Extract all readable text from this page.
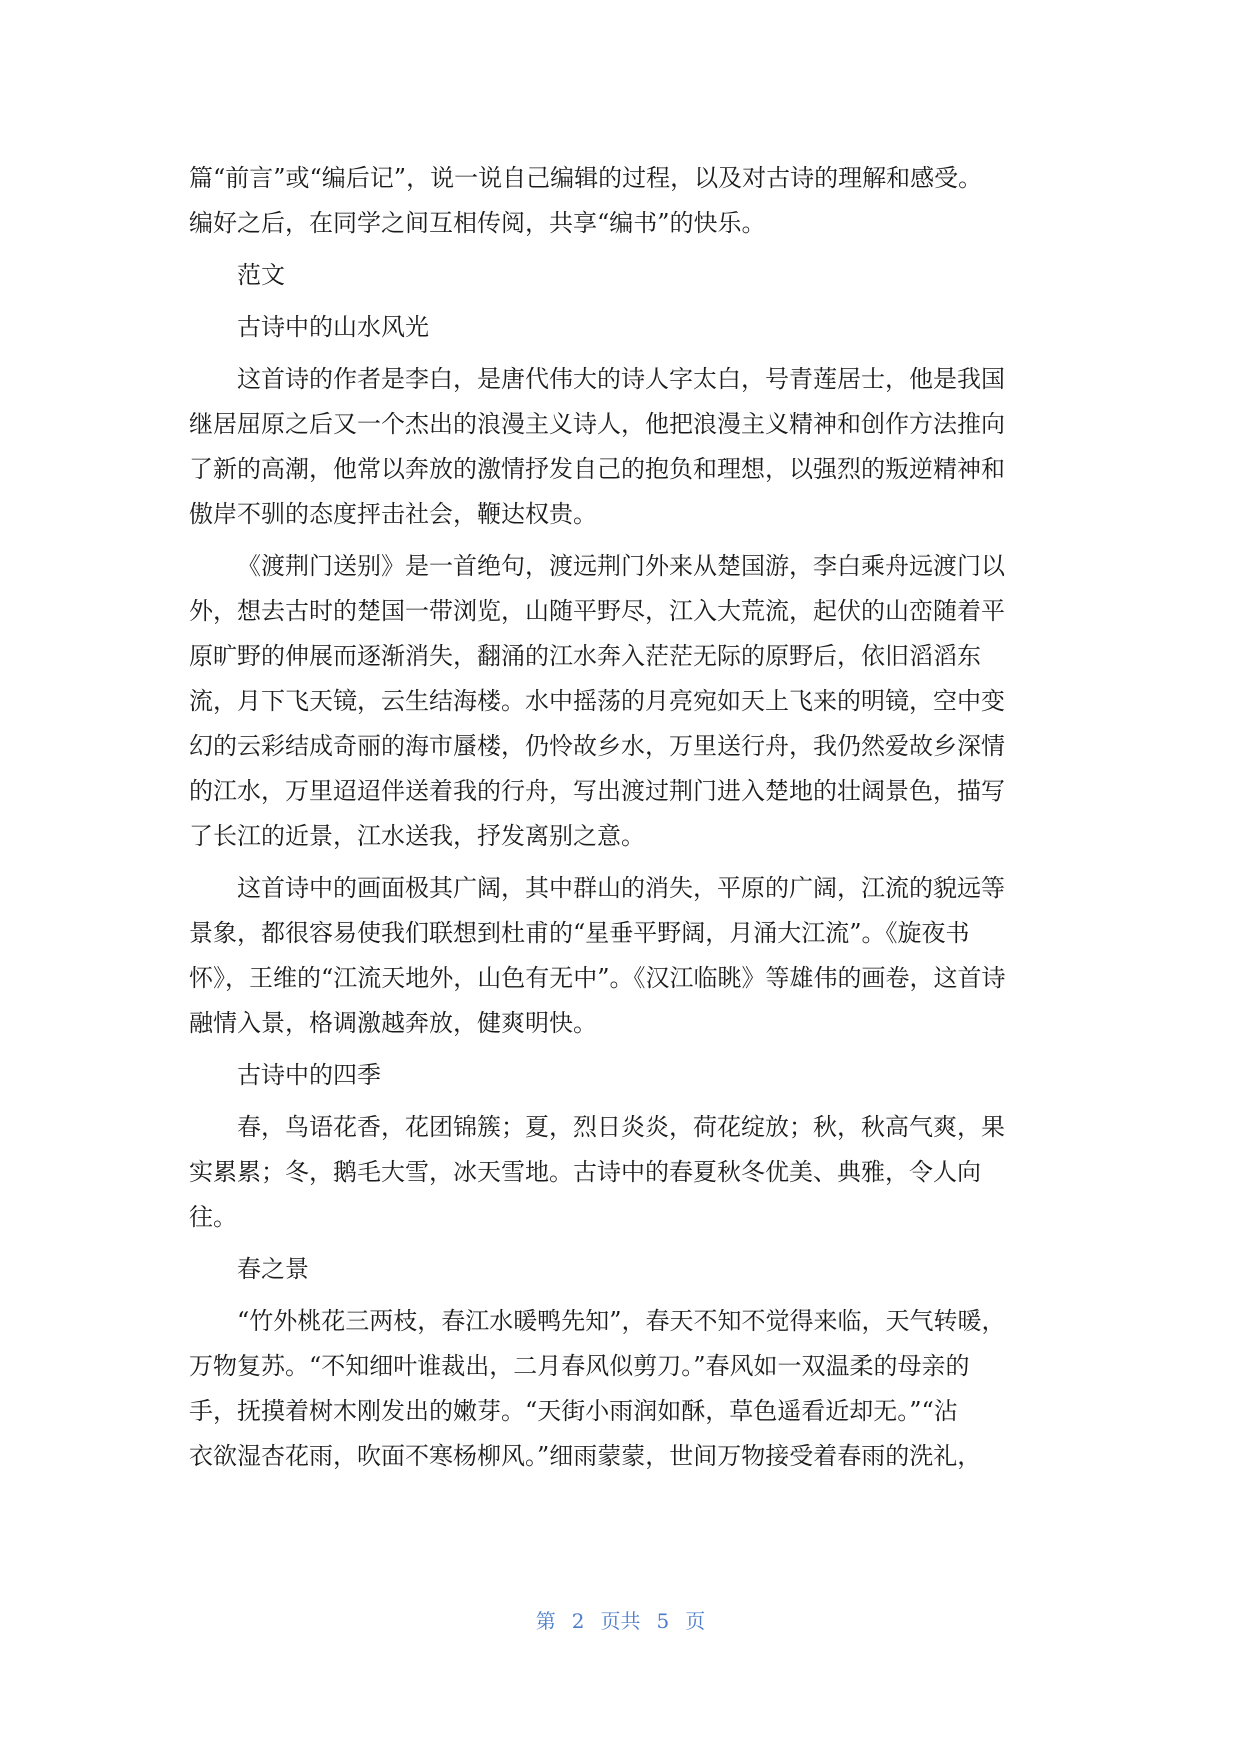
篇“前言”或“编后记”，说一说自己编辑的过程，以及对古诗的理解和感受。
编好之后，在同学之间互相传阅，共享“编书”的快乐。
范文
古诗中的山水风光
这首诗的作者是李白，是唐代伟大的诗人字太白，号青莲居士，他是我国
继居屈原之后又一个杰出的浪漫主义诗人，他把浪漫主义精神和创作方法推向
了新的高潮，他常以奔放的激情抒发自己的抱负和理想，以强烈的叛逆精神和
傲岸不驯的态度抨击社会，鞭达权贵。
《渡荆门送别》是一首绝句，渡远荆门外来从楚国游，李白乘舟远渡门以
外，想去古时的楚国一带浏览，山随平野尽，江入大荒流，起伏的山峦随着平
原旷野的伸展而逐渐消失，翻涌的江水奔入茫茫无际的原野后，依旧滔滔东
流，月下飞天镜，云生结海楼。水中摇荡的月亮宛如天上飞来的明镜，空中变
幻的云彩结成奇丽的海市蜃楼，仍怜故乡水，万里送行舟，我仍然爱故乡深情
的江水，万里迢迢伴送着我的行舟，写出渡过荆门进入楚地的壮阔景色，描写
了长江的近景，江水送我，抒发离别之意。
这首诗中的画面极其广阔，其中群山的消失，平原的广阔，江流的貌远等
景象，都很容易使我们联想到杜甫的“星垂平野阔，月涌大江流”。《旋夜书
怀》，王维的“江流天地外，山色有无中”。《汉江临眺》等雄伟的画卷，这首诗
融情入景，格调激越奔放，健爽明快。
古诗中的四季
春，鸟语花香，花团锦簇；夏，烈日炎炎，荷花绽放；秋，秋高气爽，果
实累累；冬，鹅毛大雪，冰天雪地。古诗中的春夏秋冬优美、典雅，令人向
往。
春之景
“竹外桃花三两枝，春江水暖鸭先知”，春天不知不觉得来临，天气转暖，
万物复苏。“不知细叶谁裁出，二月春风似剪刀。”春风如一双温柔的母亲的
手，抚摸着树木刚发出的嫩芽。“天街小雨润如酥，草色遥看近却无。”“沾
衣欲湿杏花雨，吹面不寒杨柳风。”细雨蒙蒙，世间万物接受着春雨的洗礼，
第 2 页共 5 页
